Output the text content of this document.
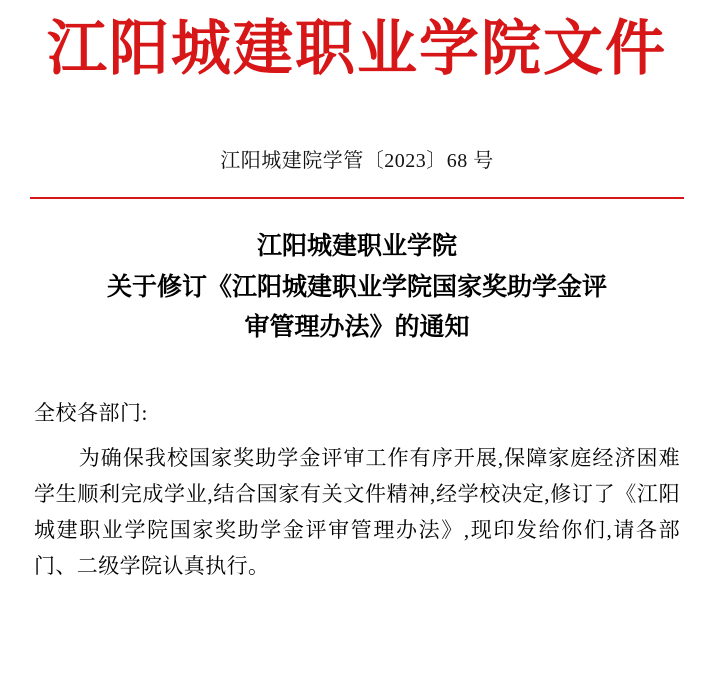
江阳城建职业学院文件
江阳城建院学管〔2023〕68 号
江阳城建职业学院
关于修订《江阳城建职业学院国家奖助学金评
审管理办法》的通知
全校各部门:
为确保我校国家奖助学金评审工作有序开展,保障家庭经济困难学生顺利完成学业,结合国家有关文件精神,经学校决定,修订了《江阳城建职业学院国家奖助学金评审管理办法》,现印发给你们,请各部门、二级学院认真执行。
